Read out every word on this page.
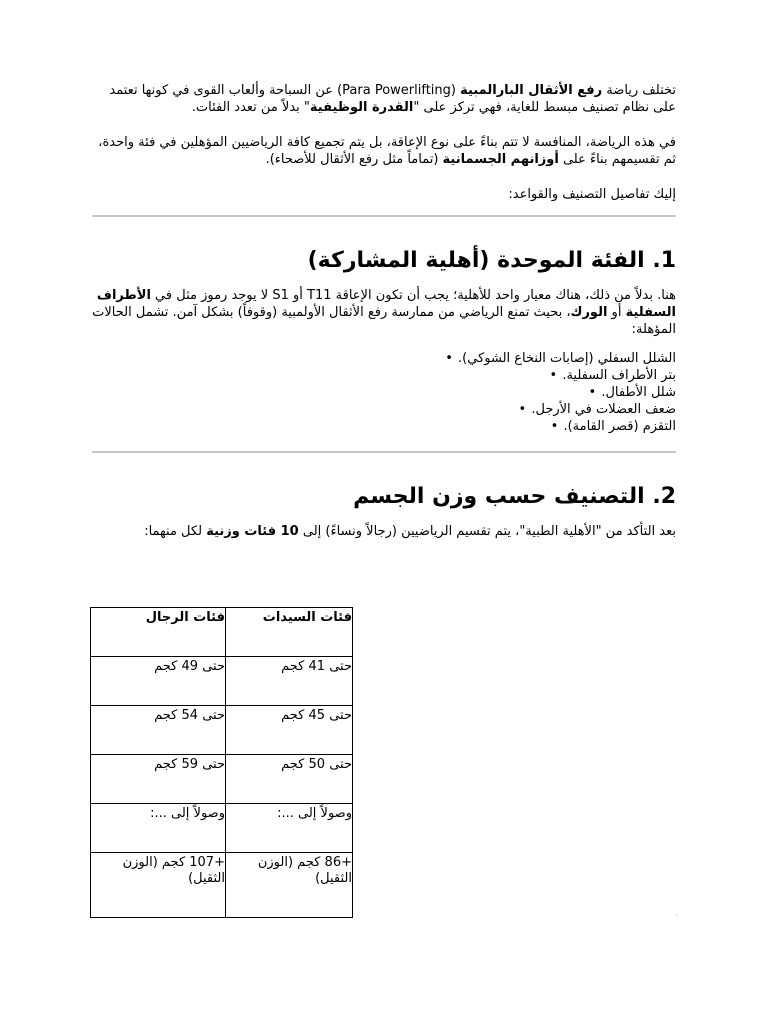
تختلف رياضة رفع الأثقال البارالمبية (Para Powerlifting) عن السباحة وألعاب القوى في كونها تعتمد على نظام تصنيف مبسط للغاية، فهي تركز على "القدرة الوظيفية" بدلاً من تعدد الفئات.

في هذه الرياضة، المنافسة لا تتم بناءً على نوع الإعاقة، بل يتم تجميع كافة الرياضيين المؤهلين في فئة واحدة، ثم تقسيمهم بناءً على أوزانهم الجسمانية (تماماً مثل رفع الأثقال للأصحاء).

إليك تفاصيل التصنيف والقواعد:

1. الفئة الموحدة (أهلية المشاركة)

هنا. بدلاً من ذلك، هناك معيار واحد للأهلية؛ يجب أن تكون الإعاقة T11 أو S1 لا يوجد رموز مثل في الأطراف السفلية أو الورك، بحيث تمنع الرياضي من ممارسة رفع الأثقال الأولمبية (وقوفاً) بشكل آمن. تشمل الحالات المؤهلة:

الشلل السفلي (إصابات النخاع الشوكي).•
بتر الأطراف السفلية.•
شلل الأطفال.•
ضعف العضلات في الأرجل.•
التقزم (قصر القامة).•
2. التصنيف حسب وزن الجسم

بعد التأكد من "الأهلية الطبية"، يتم تقسيم الرياضيين (رجالاً ونساءً) إلى 10 فئات وزنية لكل منهما:

فئات الرجال	فئات السيدات
حتى 49 كجم	حتى 41 كجم
حتى 54 كجم	حتى 45 كجم
حتى 59 كجم	حتى 50 كجم
وصولاً إلى ...:	وصولاً إلى ...:
+107 كجم (الوزن الثقيل)	+86 كجم (الوزن الثقيل)
